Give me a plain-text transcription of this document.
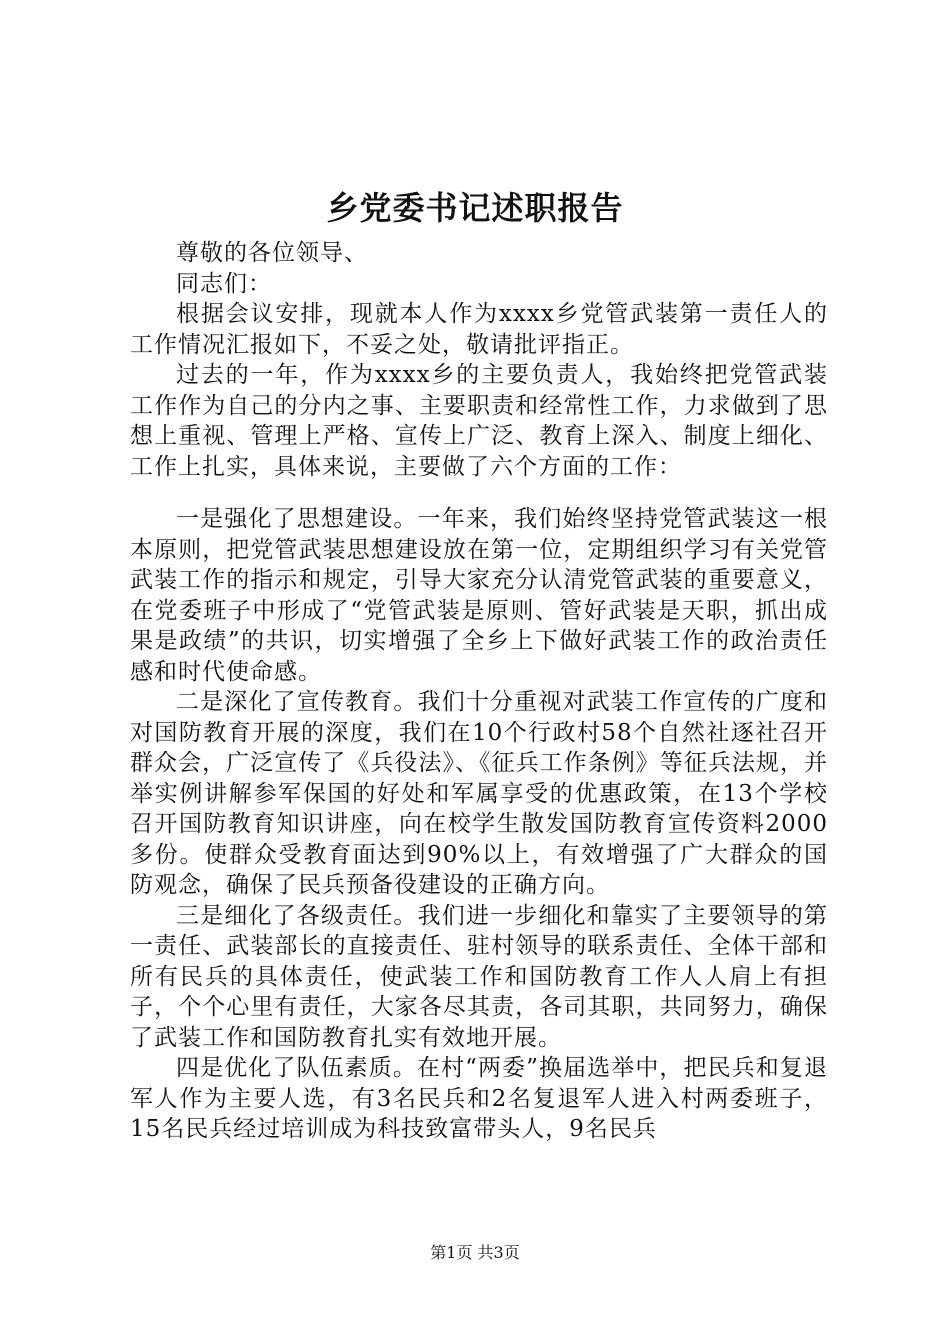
乡党委书记述职报告

尊敬的各位领导、

同志们：

根据会议安排，现就本人作为xxxx乡党管武装第一责任人的工作情况汇报如下，不妥之处，敬请批评指正。

过去的一年，作为xxxx乡的主要负责人，我始终把党管武装工作作为自己的分内之事、主要职责和经常性工作，力求做到了思想上重视、管理上严格、宣传上广泛、教育上深入、制度上细化、工作上扎实，具体来说，主要做了六个方面的工作：

一是强化了思想建设。一年来，我们始终坚持党管武装这一根本原则，把党管武装思想建设放在第一位，定期组织学习有关党管武装工作的指示和规定，引导大家充分认清党管武装的重要意义，在党委班子中形成了“党管武装是原则、管好武装是天职，抓出成果是政绩”的共识，切实增强了全乡上下做好武装工作的政治责任感和时代使命感。

二是深化了宣传教育。我们十分重视对武装工作宣传的广度和对国防教育开展的深度，我们在10个行政村58个自然社逐社召开群众会，广泛宣传了《兵役法》、《征兵工作条例》等征兵法规，并举实例讲解参军保国的好处和军属享受的优惠政策，在13个学校召开国防教育知识讲座，向在校学生散发国防教育宣传资料2000多份。使群众受教育面达到90%以上，有效增强了广大群众的国防观念，确保了民兵预备役建设的正确方向。

三是细化了各级责任。我们进一步细化和靠实了主要领导的第一责任、武装部长的直接责任、驻村领导的联系责任、全体干部和所有民兵的具体责任，使武装工作和国防教育工作人人肩上有担子，个个心里有责任，大家各尽其责，各司其职，共同努力，确保了武装工作和国防教育扎实有效地开展。

四是优化了队伍素质。在村“两委”换届选举中，把民兵和复退军人作为主要人选，有3名民兵和2名复退军人进入村两委班子，15名民兵经过培训成为科技致富带头人，9名民兵

第1页 共3页
